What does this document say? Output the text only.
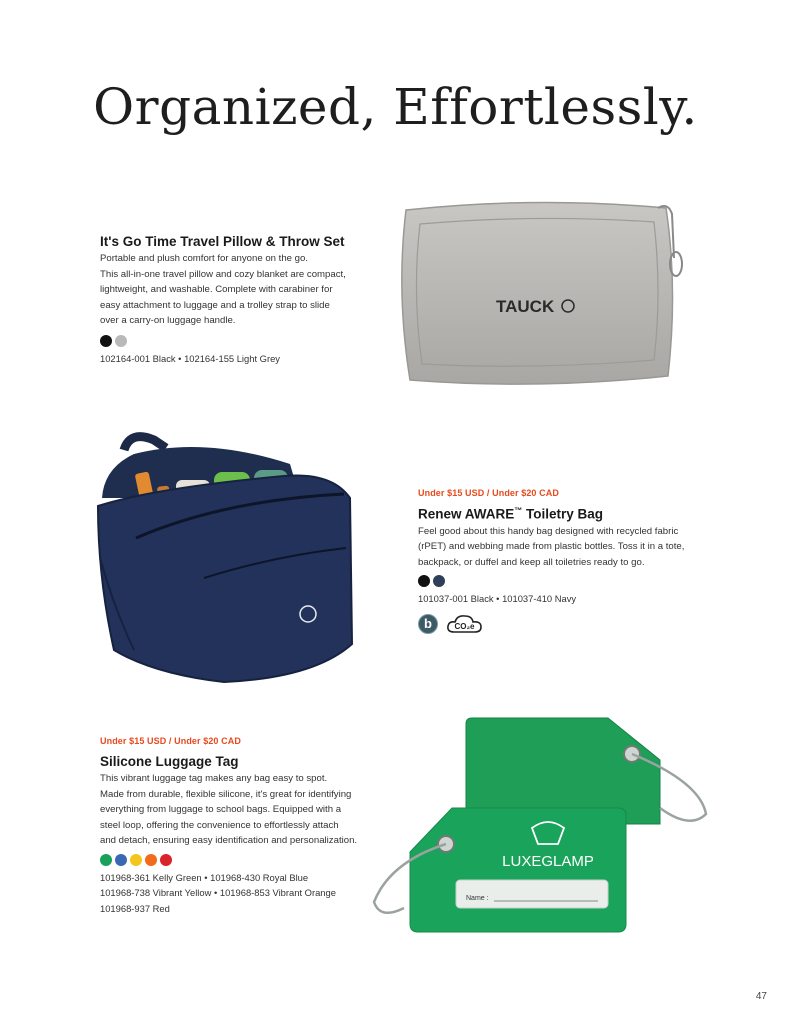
Organized, Effortlessly.
It's Go Time Travel Pillow & Throw Set
Portable and plush comfort for anyone on the go.
This all-in-one travel pillow and cozy blanket are compact,
lightweight, and washable. Complete with carabiner for
easy attachment to luggage and a trolley strap to slide
over a carry-on luggage handle.
102164-001 Black • 102164-155 Light Grey
TAUCK
Under $15 USD / Under $20 CAD
Renew AWARE™ Toiletry Bag
Feel good about this handy bag designed with recycled fabric
(rPET) and webbing made from plastic bottles. Toss it in a tote,
backpack, or duffel and keep all toiletries ready to go.
101037-001 Black • 101037-410 Navy
b	CO₂e
Under $15 USD / Under $20 CAD
Silicone Luggage Tag
This vibrant luggage tag makes any bag easy to spot.
Made from durable, flexible silicone, it's great for identifying
everything from luggage to school bags. Equipped with a
steel loop, offering the convenience to effortlessly attach
and detach, ensuring easy identification and personalization.
101968-361 Kelly Green • 101968-430 Royal Blue
101968-738 Vibrant Yellow • 101968-853 Vibrant Orange
101968-937 Red
LUXEGLAMP
Name :
47
